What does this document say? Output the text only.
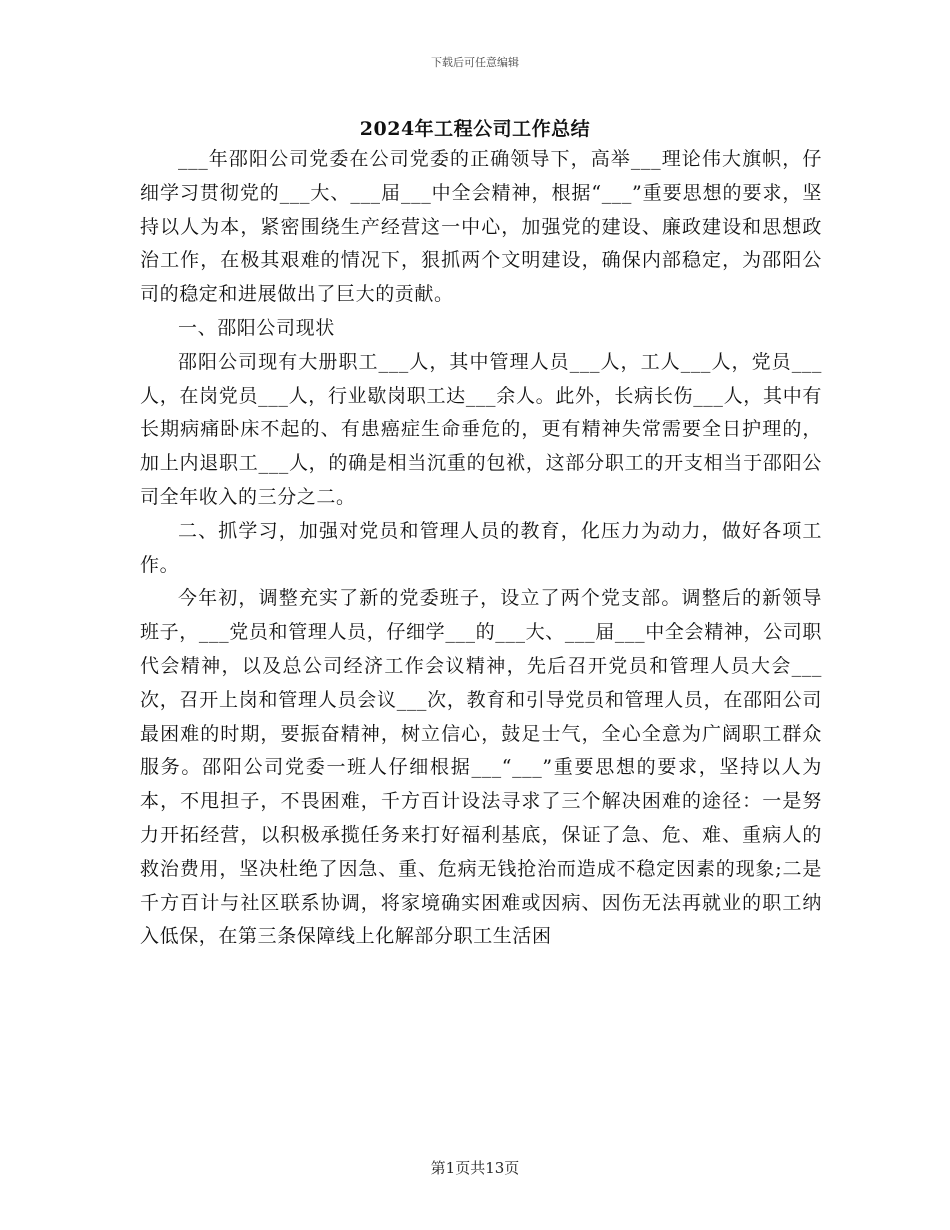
下载后可任意编辑
2024年工程公司工作总结

___年邵阳公司党委在公司党委的正确领导下，高举___理论伟大旗帜，仔细学习贯彻党的___大、___届___中全会精神，根据“___”重要思想的要求，坚持以人为本，紧密围绕生产经营这一中心，加强党的建设、廉政建设和思想政治工作，在极其艰难的情况下，狠抓两个文明建设，确保内部稳定，为邵阳公司的稳定和进展做出了巨大的贡献。

一、邵阳公司现状

邵阳公司现有大册职工___人，其中管理人员___人，工人___人，党员___人，在岗党员___人，行业歇岗职工达___余人。此外，长病长伤___人，其中有长期病痛卧床不起的、有患癌症生命垂危的，更有精神失常需要全日护理的，加上内退职工___人，的确是相当沉重的包袱，这部分职工的开支相当于邵阳公司全年收入的三分之二。

二、抓学习，加强对党员和管理人员的教育，化压力为动力，做好各项工作。

今年初，调整充实了新的党委班子，设立了两个党支部。调整后的新领导班子，___党员和管理人员，仔细学___的___大、___届___中全会精神，公司职代会精神，以及总公司经济工作会议精神，先后召开党员和管理人员大会___次，召开上岗和管理人员会议___次，教育和引导党员和管理人员，在邵阳公司最困难的时期，要振奋精神，树立信心，鼓足士气，全心全意为广阔职工群众服务。邵阳公司党委一班人仔细根据___“___”重要思想的要求，坚持以人为本，不甩担子，不畏困难，千方百计设法寻求了三个解决困难的途径：一是努力开拓经营，以积极承揽任务来打好福利基底，保证了急、危、难、重病人的救治费用，坚决杜绝了因急、重、危病无钱抢治而造成不稳定因素的现象;二是千方百计与社区联系协调，将家境确实困难或因病、因伤无法再就业的职工纳入低保，在第三条保障线上化解部分职工生活困

第1页共13页
